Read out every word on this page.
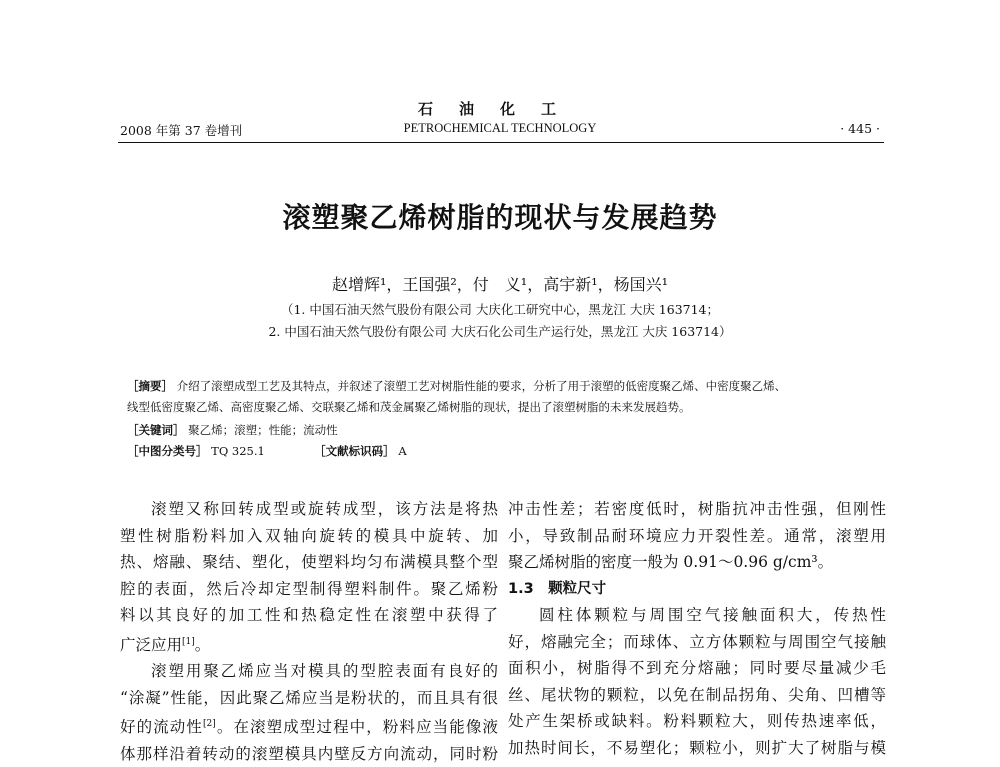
石油化工
2008 年第 37 卷增刊	PETROCHEMICAL TECHNOLOGY	· 445 ·
滚塑聚乙烯树脂的现状与发展趋势
赵增辉¹，王国强²，付　义¹，高宇新¹，杨国兴¹
（1. 中国石油天然气股份有限公司 大庆化工研究中心，黑龙江 大庆 163714；
2. 中国石油天然气股份有限公司 大庆石化公司生产运行处，黑龙江 大庆 163714）
［摘要］ 介绍了滚塑成型工艺及其特点，并叙述了滚塑工艺对树脂性能的要求，分析了用于滚塑的低密度聚乙烯、中密度聚乙烯、
线型低密度聚乙烯、高密度聚乙烯、交联聚乙烯和茂金属聚乙烯树脂的现状，提出了滚塑树脂的未来发展趋势。
［关键词］ 聚乙烯；滚塑；性能；流动性
［中图分类号］ TQ 325.1	［文献标识码］ A

滚塑又称回转成型或旋转成型，该方法是将热

塑性树脂粉料加入双轴向旋转的模具中旋转、加

热、熔融、聚结、塑化，使塑料均匀布满模具整个型

腔的表面，然后冷却定型制得塑料制件。聚乙烯粉

料以其良好的加工性和热稳定性在滚塑中获得了

广泛应用[1]。

滚塑用聚乙烯应当对模具的型腔表面有良好的

“涂凝”性能，因此聚乙烯应当是粉状的，而且具有很

好的流动性[2]。在滚塑成型过程中，粉料应当能像液

体那样沿着转动的滚塑模具内壁反方向流动，同时粉

冲击性差；若密度低时，树脂抗冲击性强，但刚性

小，导致制品耐环境应力开裂性差。通常，滚塑用

聚乙烯树脂的密度一般为 0.91～0.96 g/cm³。

1.3　颗粒尺寸

圆柱体颗粒与周围空气接触面积大，传热性

好，熔融完全；而球体、立方体颗粒与周围空气接触

面积小，树脂得不到充分熔融；同时要尽量减少毛

丝、尾状物的颗粒，以免在制品拐角、尖角、凹槽等

处产生架桥或缺料。粉料颗粒大，则传热速率低，

加热时间长，不易塑化；颗粒小，则扩大了树脂与模
